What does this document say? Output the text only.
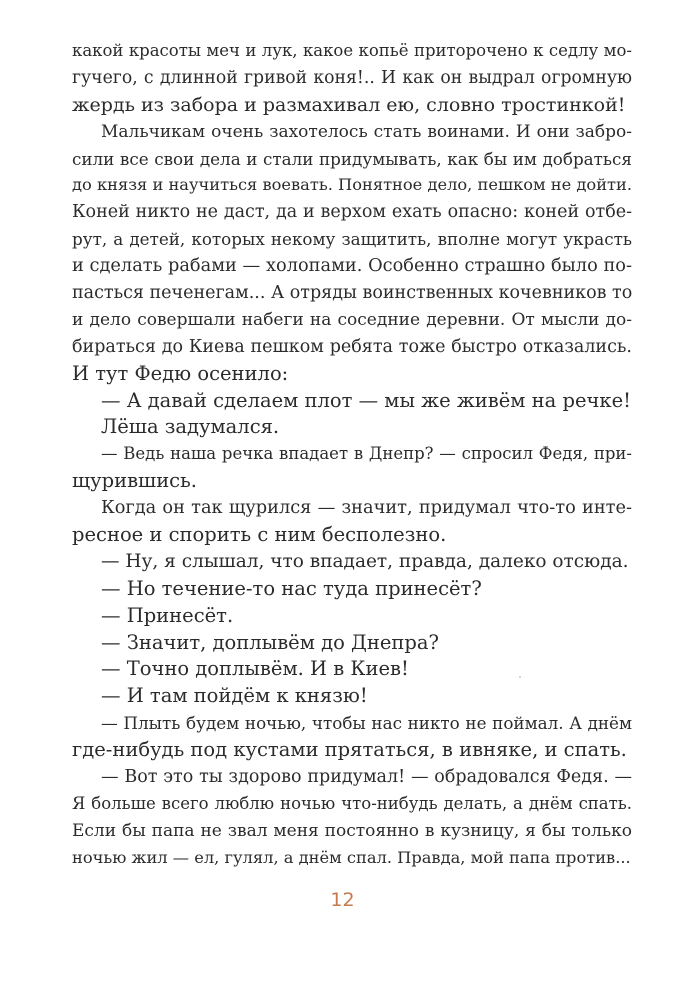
какой красоты меч и лук, какое копьё приторочено к седлу мо-
гучего, с длинной гривой коня!.. И как он выдрал огромную
жердь из забора и размахивал ею, словно тростинкой!
Мальчикам очень захотелось стать воинами. И они забро-
сили все свои дела и стали придумывать, как бы им добраться
до князя и научиться воевать. Понятное дело, пешком не дойти.
Коней никто не даст, да и верхом ехать опасно: коней отбе-
рут, а детей, которых некому защитить, вполне могут украсть
и сделать рабами — холопами. Особенно страшно было по-
пасться печенегам... А отряды воинственных кочевников то
и дело совершали набеги на соседние деревни. От мысли до-
бираться до Киева пешком ребята тоже быстро отказались.
И тут Федю осенило:
— А давай сделаем плот — мы же живём на речке!
Лёша задумался.
— Ведь наша речка впадает в Днепр? — спросил Федя, при-
щурившись.
Когда он так щурился — значит, придумал что-то инте-
ресное и спорить с ним бесполезно.
— Ну, я слышал, что впадает, правда, далеко отсюда.
— Но течение-то нас туда принесёт?
— Принесёт.
— Значит, доплывём до Днепра?
— Точно доплывём. И в Киев!
— И там пойдём к князю!
— Плыть будем ночью, чтобы нас никто не поймал. А днём
где-нибудь под кустами прятаться, в ивняке, и спать.
— Вот это ты здорово придумал! — обрадовался Федя. —
Я больше всего люблю ночью что-нибудь делать, а днём спать.
Если бы папа не звал меня постоянно в кузницу, я бы только
ночью жил — ел, гулял, а днём спал. Правда, мой папа против...
12
